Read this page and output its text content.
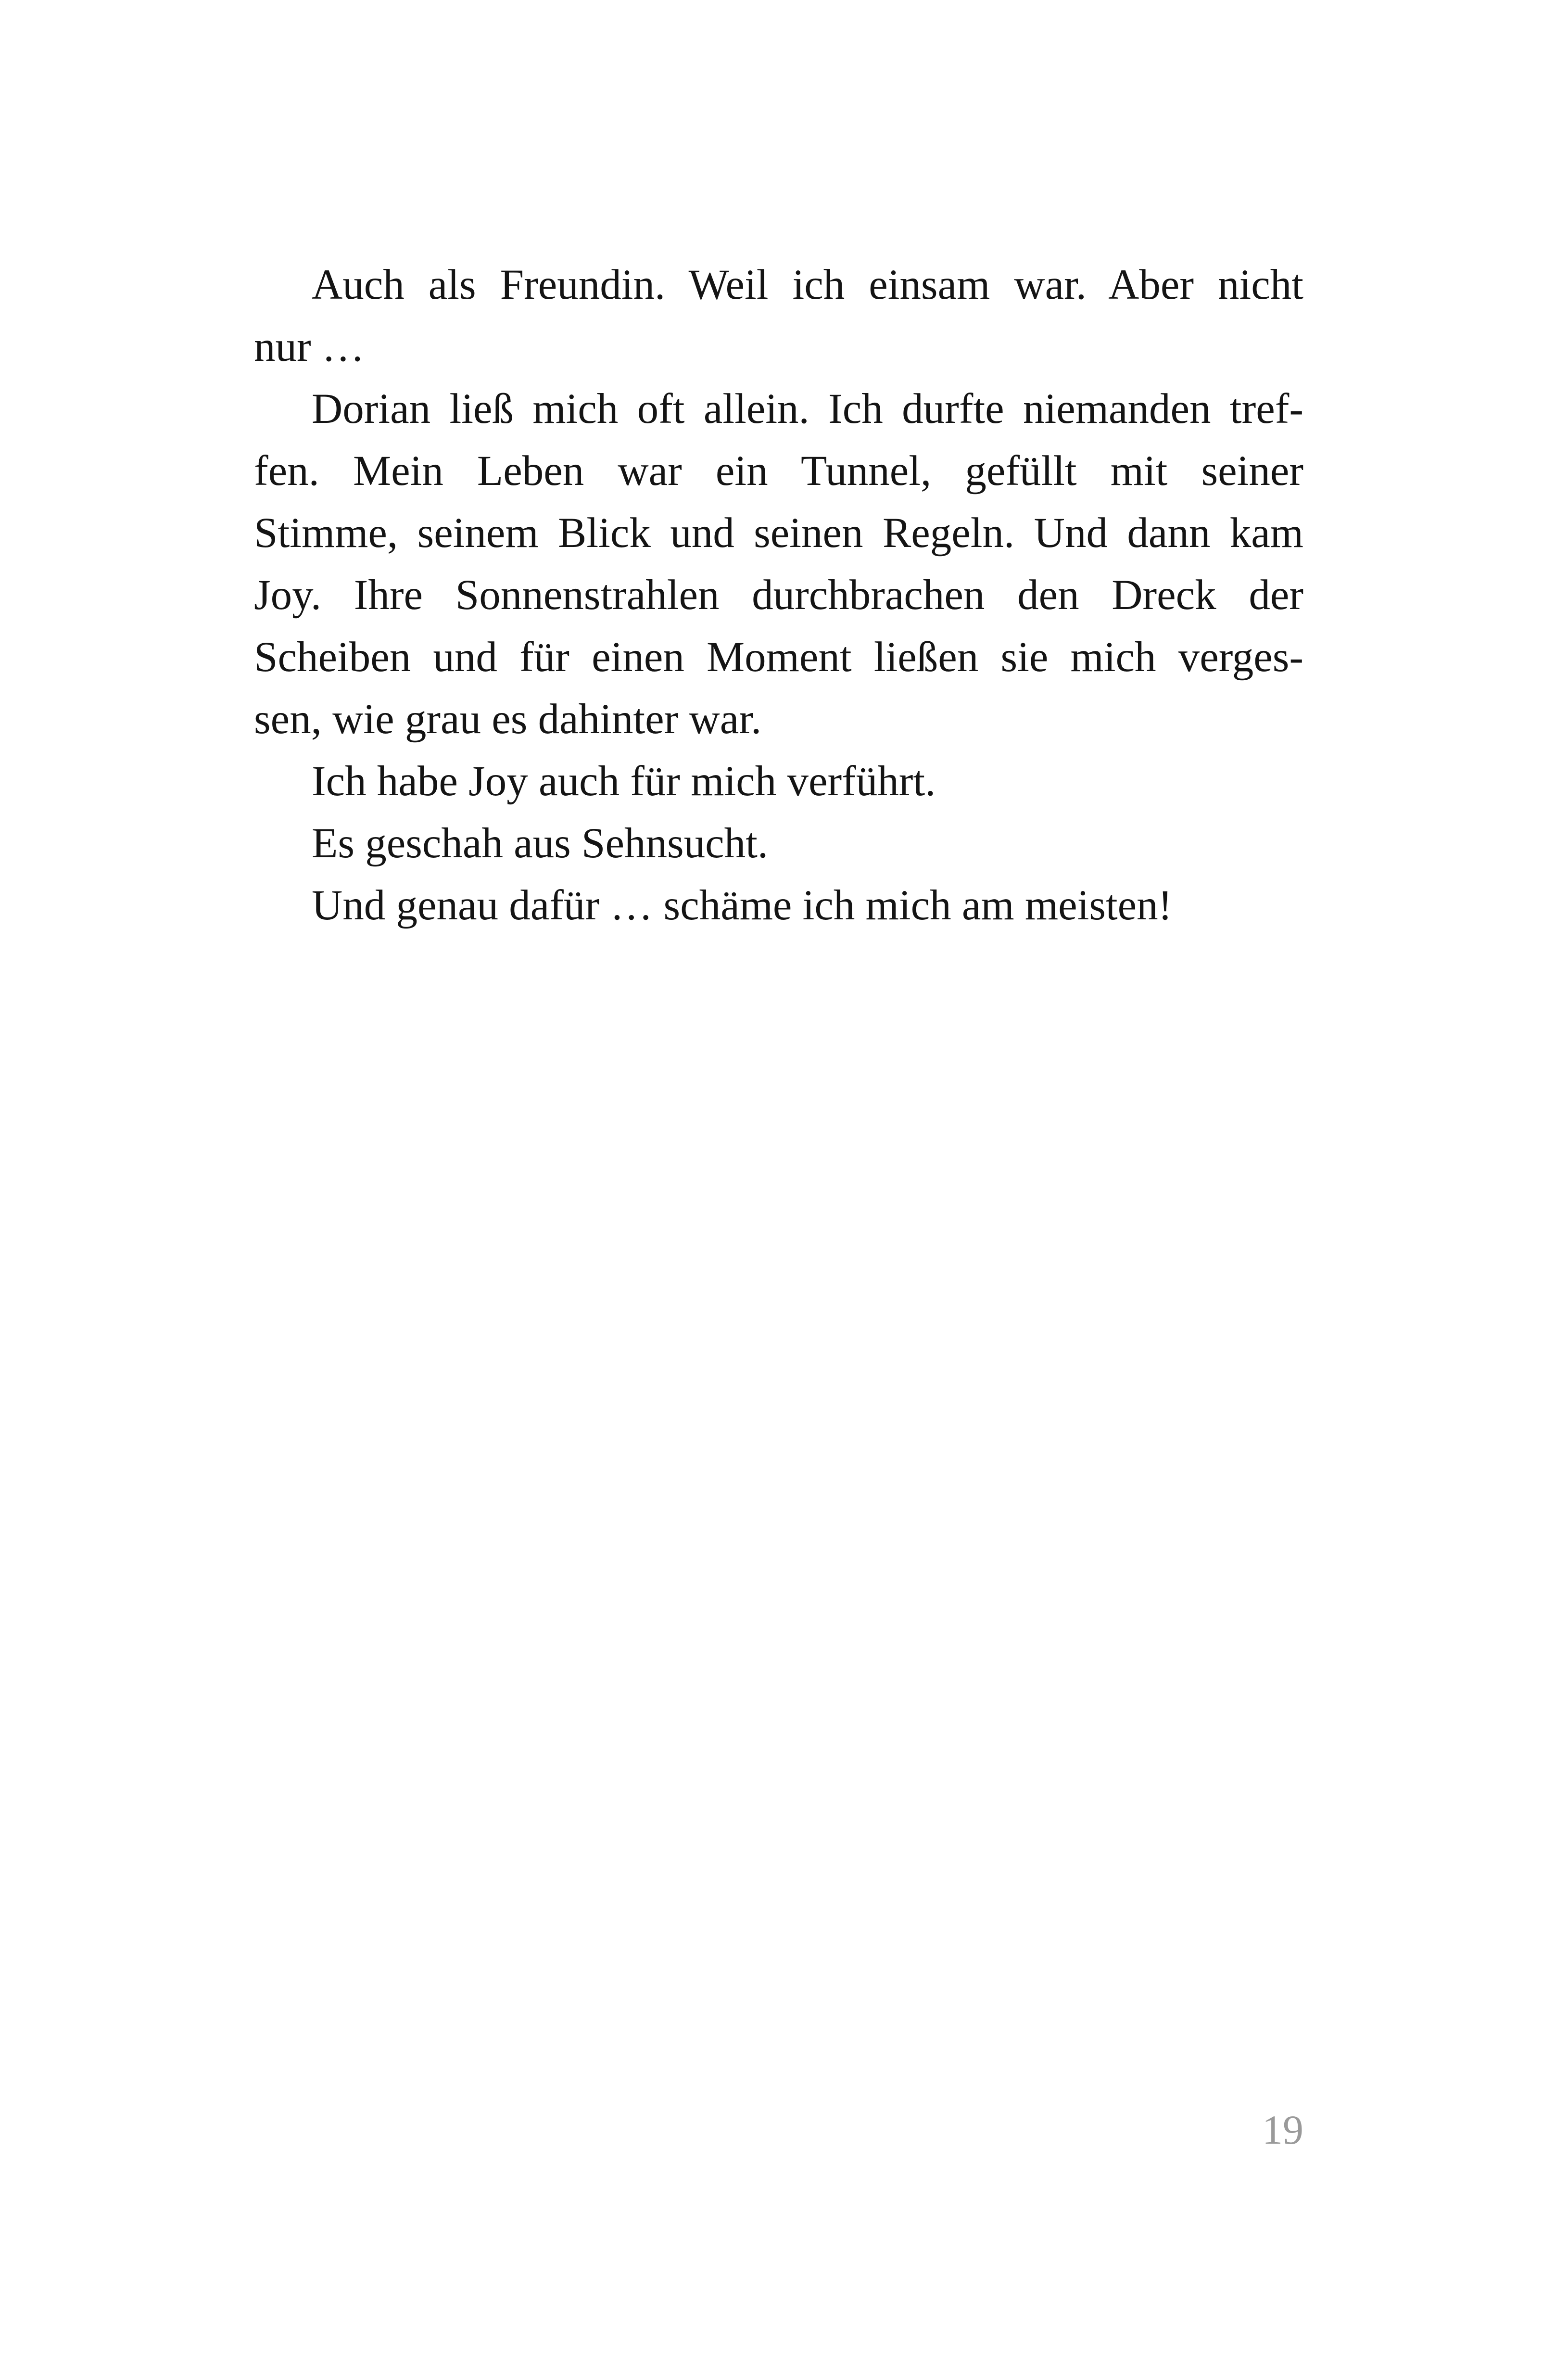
Auch als Freundin. Weil ich einsam war. Aber nicht
nur …
Dorian ließ mich oft allein. Ich durfte niemanden tref-
fen. Mein Leben war ein Tunnel, gefüllt mit seiner
Stimme, seinem Blick und seinen Regeln. Und dann kam
Joy. Ihre Sonnenstrahlen durchbrachen den Dreck der
Scheiben und für einen Moment ließen sie mich verges-
sen, wie grau es dahinter war.
Ich habe Joy auch für mich verführt.
Es geschah aus Sehnsucht.
Und genau dafür … schäme ich mich am meisten!
19
